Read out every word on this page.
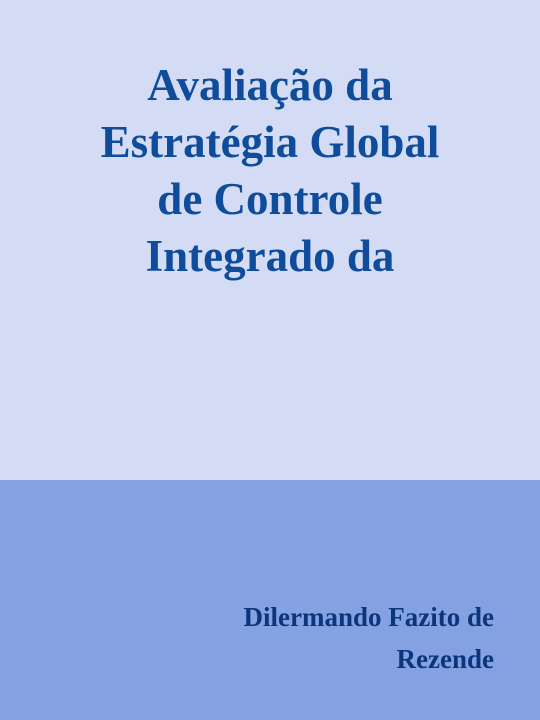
Avaliação da
Estratégia Global
de Controle
Integrado da

Dilermando Fazito de
Rezende
